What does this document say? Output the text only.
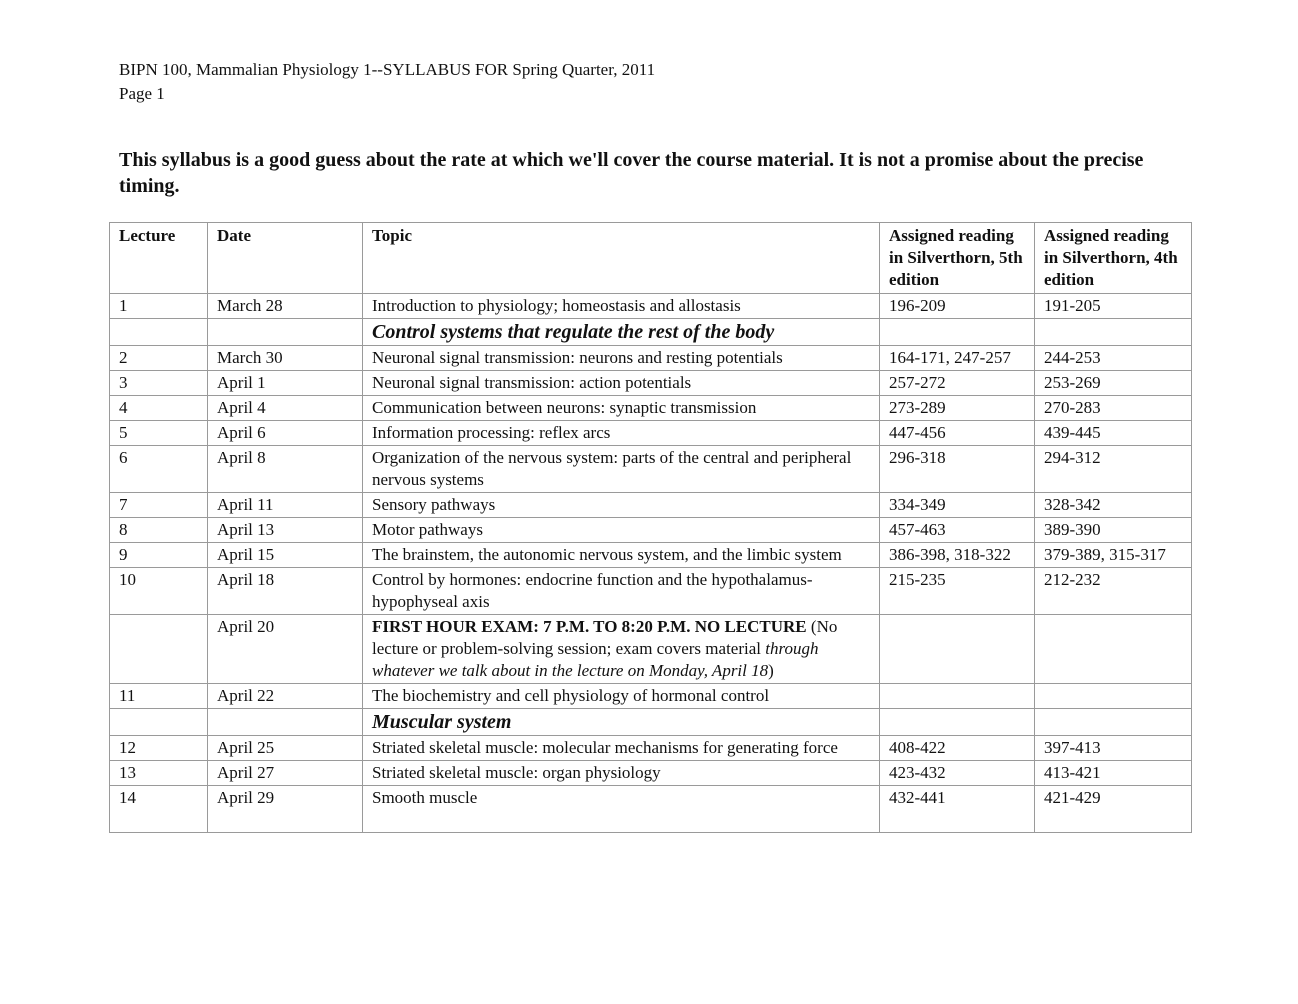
BIPN 100, Mammalian Physiology 1--SYLLABUS FOR Spring Quarter, 2011
Page 1
This syllabus is a good guess about the rate at which we'll cover the course material. It is not a promise about the precise timing.
Lecture	Date	Topic	Assigned reading in Silverthorn, 5th edition	Assigned reading in Silverthorn, 4th edition
1	March 28	Introduction to physiology; homeostasis and allostasis	196-209	191-205
		Control systems that regulate the rest of the body		
2	March 30	Neuronal signal transmission: neurons and resting potentials	164-171, 247-257	244-253
3	April 1	Neuronal signal transmission: action potentials	257-272	253-269
4	April 4	Communication between neurons: synaptic transmission	273-289	270-283
5	April 6	Information processing: reflex arcs	447-456	439-445
6	April 8	Organization of the nervous system: parts of the central and peripheral nervous systems	296-318	294-312
7	April 11	Sensory pathways	334-349	328-342
8	April 13	Motor pathways	457-463	389-390
9	April 15	The brainstem, the autonomic nervous system, and the limbic system	386-398, 318-322	379-389, 315-317
10	April 18	Control by hormones: endocrine function and the hypothalamus-hypophyseal axis	215-235	212-232
	April 20	FIRST HOUR EXAM: 7 P.M. TO 8:20 P.M. NO LECTURE (No lecture or problem-solving session; exam covers material through whatever we talk about in the lecture on Monday, April 18)		
11	April 22	The biochemistry and cell physiology of hormonal control		
		Muscular system		
12	April 25	Striated skeletal muscle: molecular mechanisms for generating force	408-422	397-413
13	April 27	Striated skeletal muscle: organ physiology	423-432	413-421
14	April 29	Smooth muscle	432-441	421-429
